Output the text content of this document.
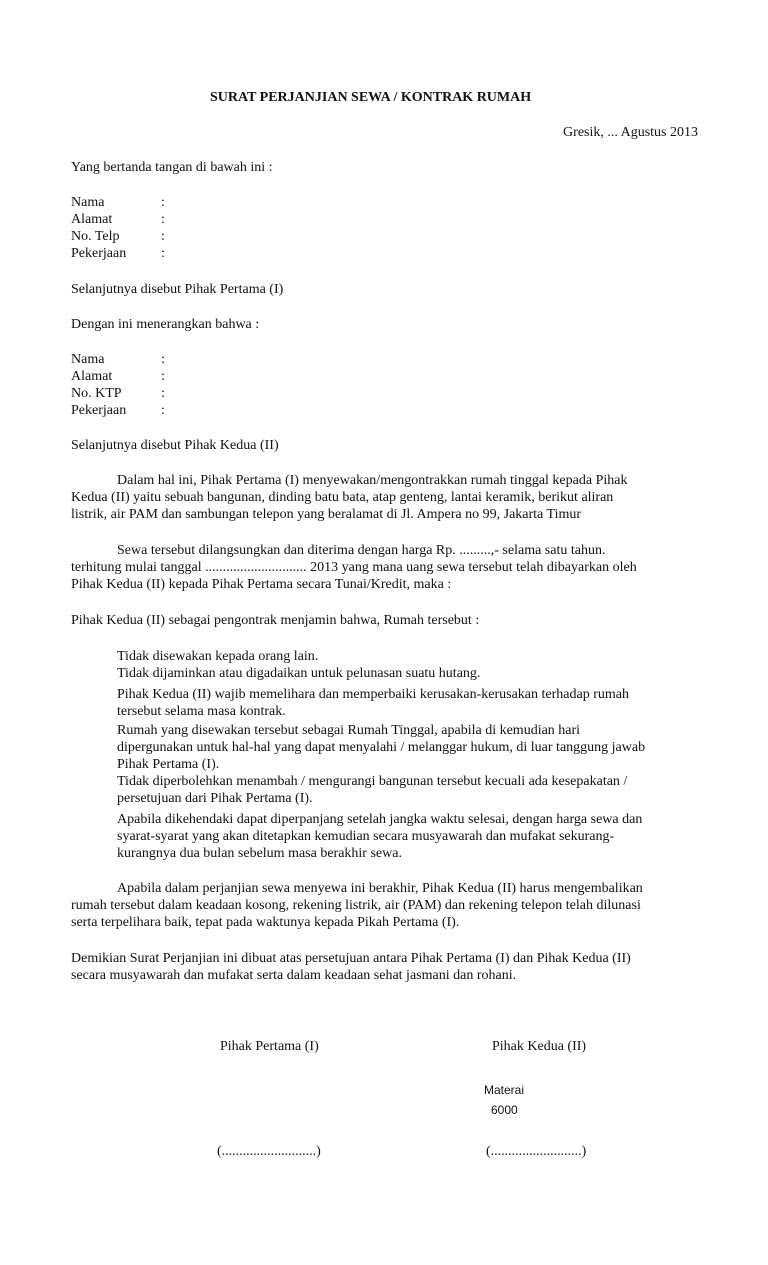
SURAT PERJANJIAN SEWA / KONTRAK RUMAH
Gresik, ... Agustus 2013
Yang bertanda tangan di bawah ini :
Nama	:
Alamat	:
No. Telp	:
Pekerjaan :
Selanjutnya disebut Pihak Pertama (I)
Dengan ini menerangkan bahwa :
Nama	:
Alamat	:
No. KTP	:
Pekerjaan :
Selanjutnya disebut Pihak Kedua (II)
Dalam hal ini, Pihak Pertama (I) menyewakan/mengontrakkan rumah tinggal kepada Pihak
Kedua (II) yaitu sebuah bangunan, dinding batu bata, atap genteng, lantai keramik, berikut aliran
listrik, air PAM dan sambungan telepon yang beralamat di Jl. Ampera no 99, Jakarta Timur
Sewa tersebut dilangsungkan dan diterima dengan harga Rp. .........,- selama satu tahun.
terhitung mulai tanggal ............................. 2013 yang mana uang sewa tersebut telah dibayarkan oleh
Pihak Kedua (II) kepada Pihak Pertama secara Tunai/Kredit, maka :
Pihak Kedua (II) sebagai pengontrak menjamin bahwa, Rumah tersebut :
Tidak disewakan kepada orang lain.
Tidak dijaminkan atau digadaikan untuk pelunasan suatu hutang.
Pihak Kedua (II) wajib memelihara dan memperbaiki kerusakan-kerusakan terhadap rumah
tersebut selama masa kontrak.
Rumah yang disewakan tersebut sebagai Rumah Tinggal, apabila di kemudian hari
dipergunakan untuk hal-hal yang dapat menyalahi / melanggar hukum, di luar tanggung jawab
Pihak Pertama (I).
Tidak diperbolehkan menambah / mengurangi bangunan tersebut kecuali ada kesepakatan /
persetujuan dari Pihak Pertama (I).
Apabila dikehendaki dapat diperpanjang setelah jangka waktu selesai, dengan harga sewa dan
syarat-syarat yang akan ditetapkan kemudian secara musyawarah dan mufakat sekurang-
kurangnya dua bulan sebelum masa berakhir sewa.
Apabila dalam perjanjian sewa menyewa ini berakhir, Pihak Kedua (II) harus mengembalikan
rumah tersebut dalam keadaan kosong, rekening listrik, air (PAM) dan rekening telepon telah dilunasi
serta terpelihara baik, tepat pada waktunya kepada Pikah Pertama (I).
Demikian Surat Perjanjian ini dibuat atas persetujuan antara Pihak Pertama (I) dan Pihak Kedua (II)
secara musyawarah dan mufakat serta dalam keadaan sehat jasmani dan rohani.
Pihak Pertama (I)	Pihak Kedua (II)
Materai
6000
(...........................)	(..........................)
